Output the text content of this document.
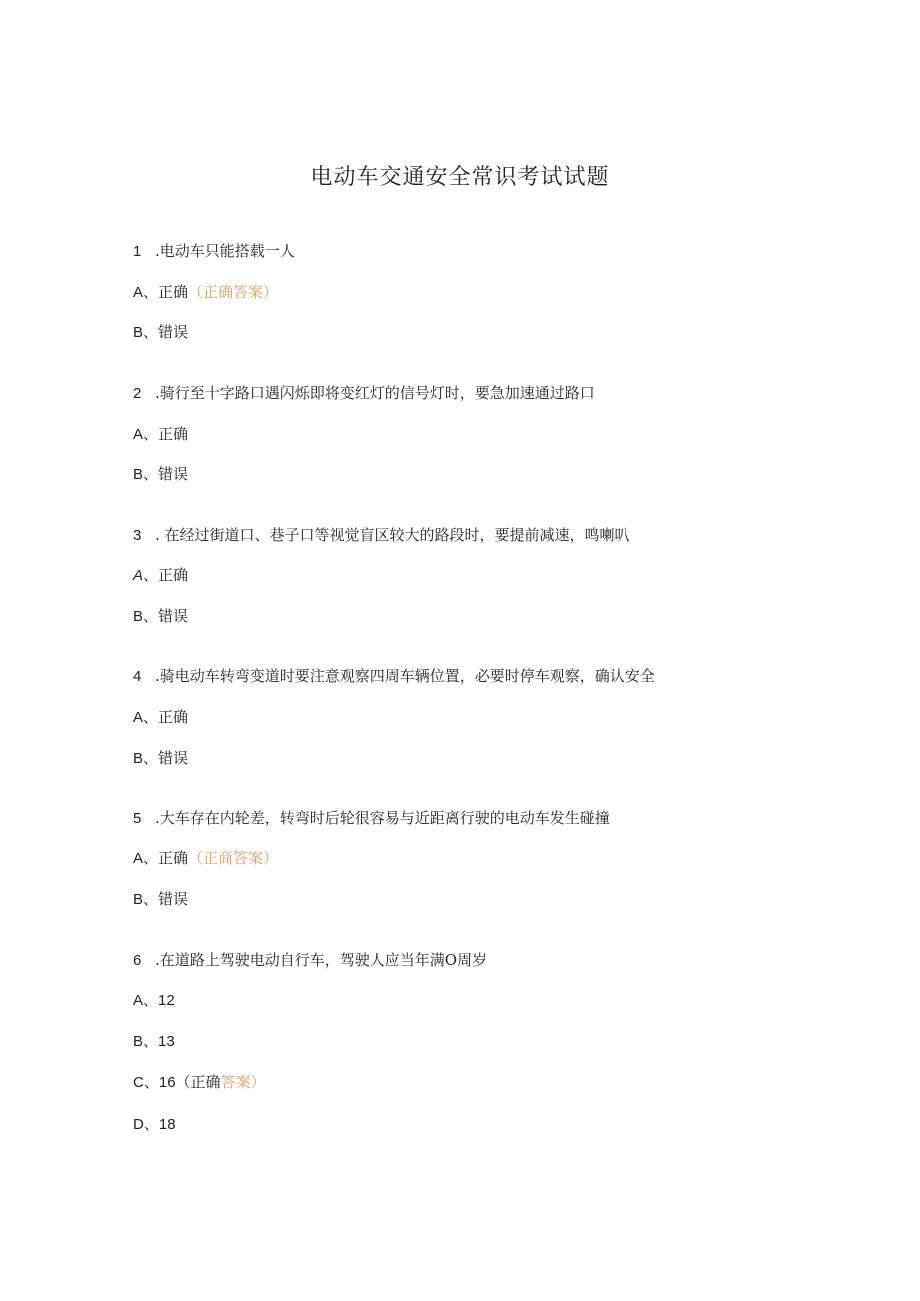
电动车交通安全常识考试试题
1 .电动车只能搭载一人
A、正确（正确答案）
B、错误
2 .骑行至十字路口遇闪烁即将变红灯的信号灯时，要急加速通过路口
A、正确
B、错误
3 . 在经过街道口、巷子口等视觉盲区较大的路段时，要提前减速，鸣喇叭
A、正确
B、错误
4 .骑电动车转弯变道时要注意观察四周车辆位置，必要时停车观察，确认安全
A、正确
B、错误
5 .大车存在内轮差，转弯时后轮很容易与近距离行驶的电动车发生碰撞
A、正确（正商答案）
B、错误
6 .在道路上驾驶电动自行车，驾驶人应当年满O周岁
A、12
B、13
C、16（正确答案）
D、18
